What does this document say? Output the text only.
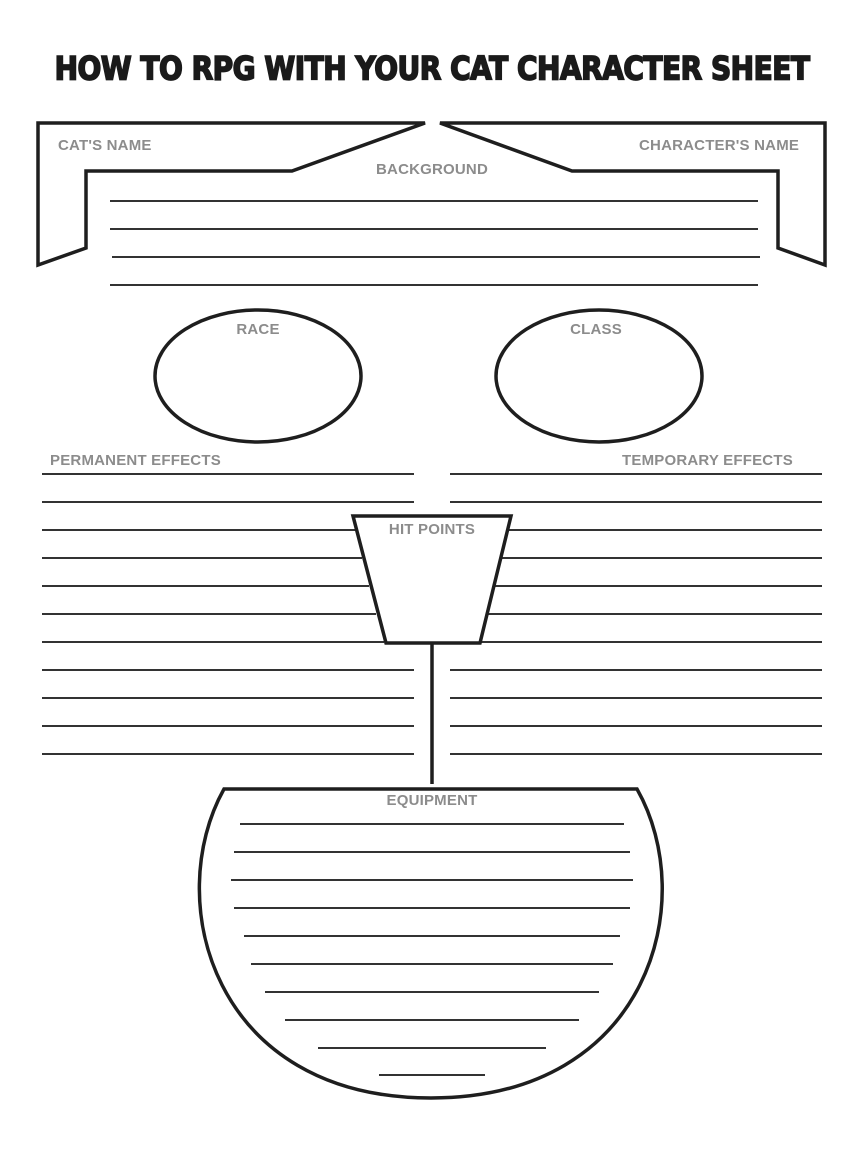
HOW TO RPG WITH YOUR CAT CHARACTER SHEET
CAT'S NAME	CHARACTER'S NAME
BACKGROUND
RACE	CLASS
PERMANENT EFFECTS	TEMPORARY EFFECTS
HIT POINTS
EQUIPMENT
